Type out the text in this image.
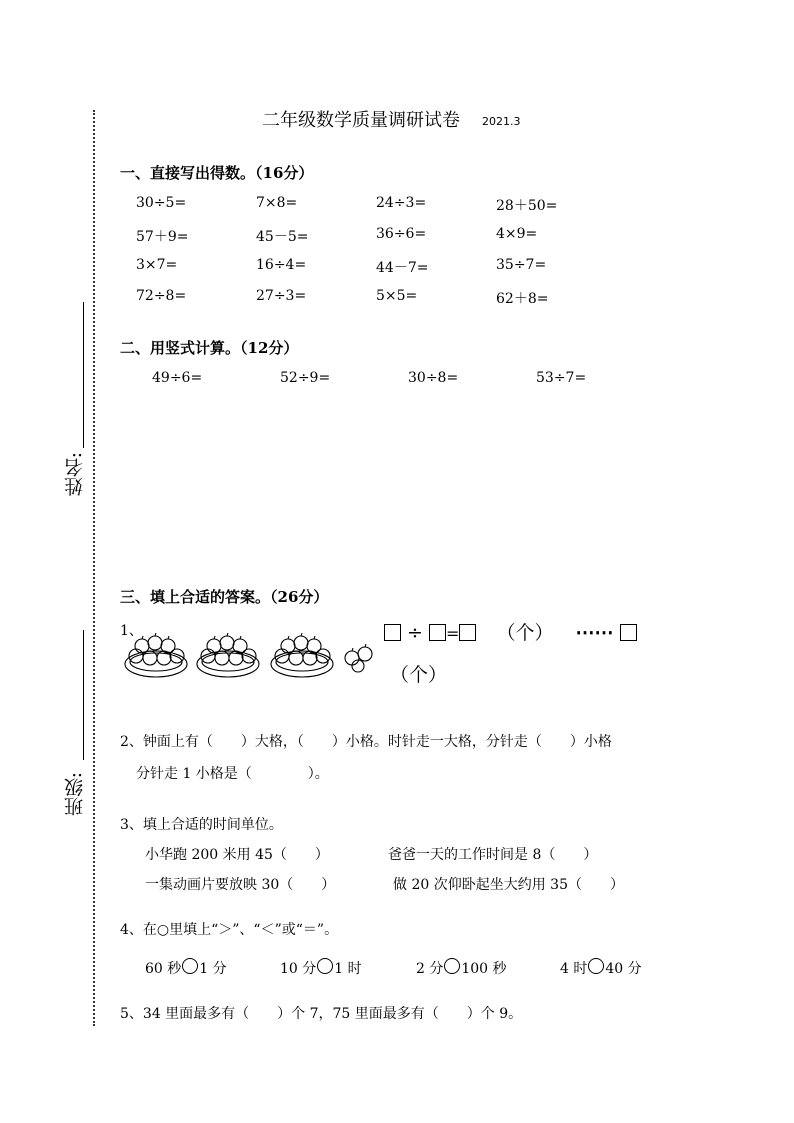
姓名:
班级:
二年级数学质量调研试卷 2021.3
一、直接写出得数。（16分）
30÷5=	7×8=	24÷3=	28＋50=
57＋9=	45－5=	36÷6=	4×9=
3×7=	16÷4=	44－7=	35÷7=
72÷8=	27÷3=	5×5=	62＋8=
二、用竖式计算。（12分）
49÷6=	52÷9=	30÷8=	53÷7=
三、填上合适的答案。（26分）
1、	÷ = （个） ⋯⋯
（个）
2、钟面上有（　　）大格，（　　）小格。时针走一大格，分针走（　　）小格
分针走 1 小格是（　　　　）。
3、填上合适的时间单位。
小华跑 200 米用 45（　　）	爸爸一天的工作时间是 8（　　）
一集动画片要放映 30（　　）	做 20 次仰卧起坐大约用 35（　　）
4、在○里填上“＞”、“＜”或“＝”。
60 秒 1 分	10 分 1 时	2 分 100 秒	4 时 40 分
5、34 里面最多有（　　）个 7，75 里面最多有（　　）个 9。
